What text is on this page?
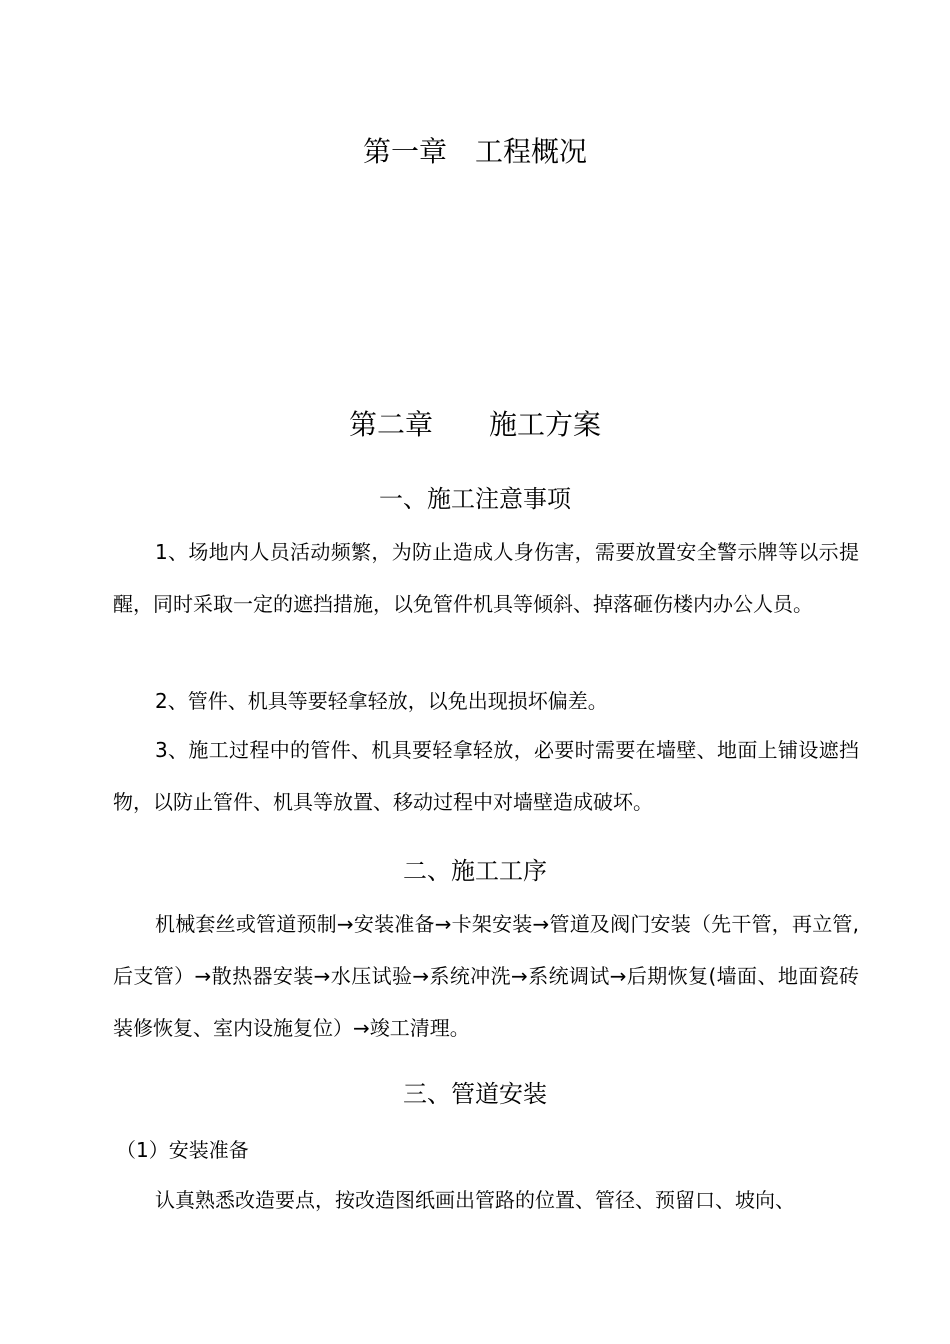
第一章　工程概况　
第二章　　施工方案　
一、施工注意事项　

1、场地内人员活动频繁，为防止造成人身伤害，需要放置安全警示牌等以示提醒，同时采取一定的遮挡措施，以免管件机具等倾斜、掉落砸伤楼内办公人员。

2、管件、机具等要轻拿轻放，以免出现损坏偏差。

3、施工过程中的管件、机具要轻拿轻放，必要时需要在墙壁、地面上铺设遮挡物，以防止管件、机具等放置、移动过程中对墙壁造成破坏。

二、施工工序　

机械套丝或管道预制→安装准备→卡架安装→管道及阀门安装（先干管，再立管,后支管）→散热器安装→水压试验→系统冲洗→系统调试→后期恢复(墙面、地面瓷砖装修恢复、室内设施复位）→竣工清理。

三、管道安装　
（1）安装准备
认真熟悉改造要点，按改造图纸画出管路的位置、管径、预留口、坡向、
